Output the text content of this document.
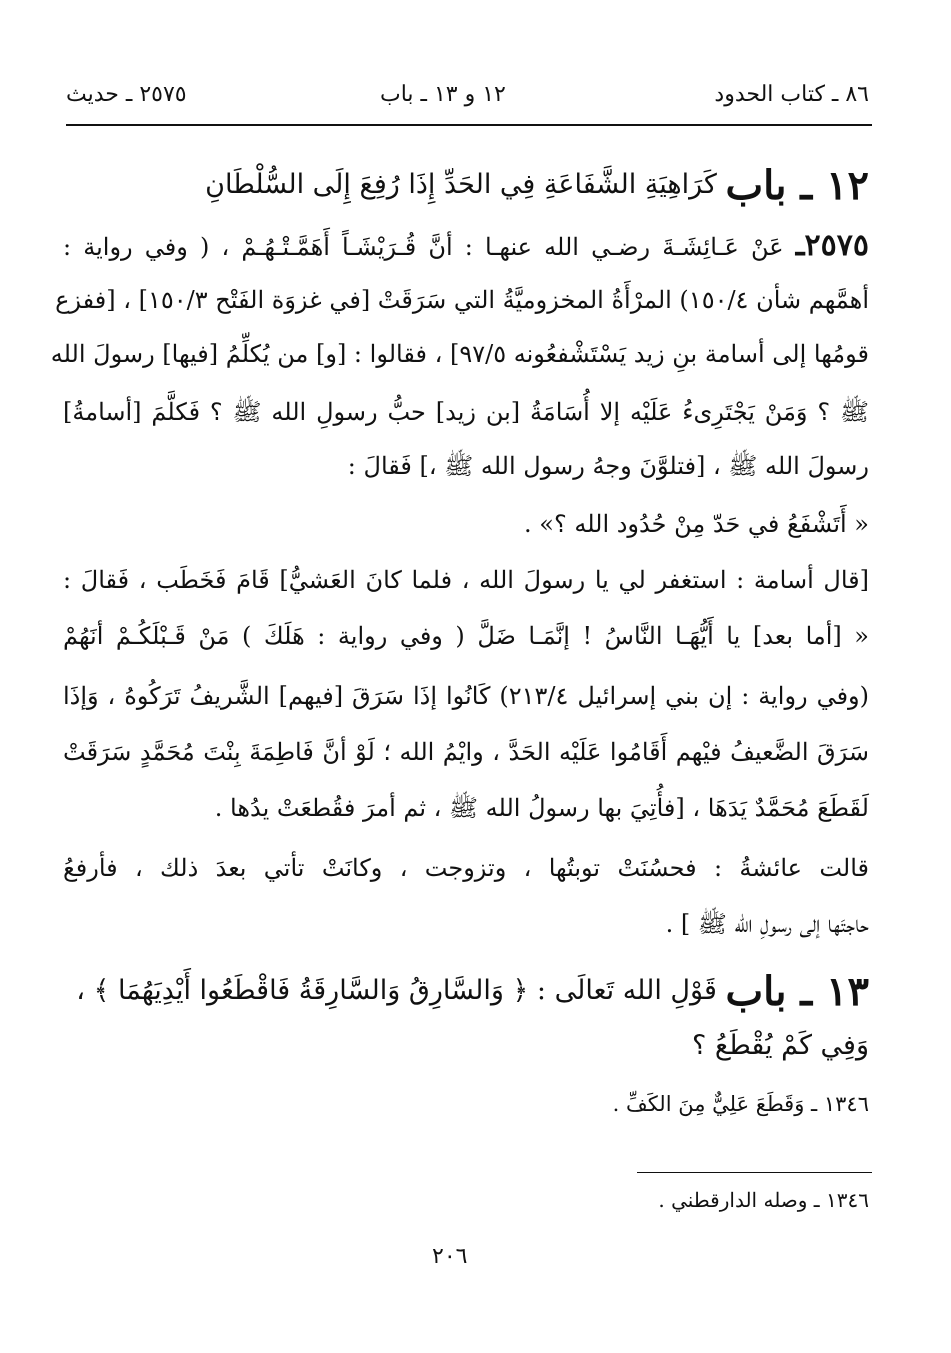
٨٦ ـ كتاب الحدود
١٢ و ١٣ ـ باب
٢٥٧٥ ـ حديث
١٢ ـ باب كَرَاهِيَةِ الشَّفَاعَةِ فِي الحَدِّ إِذَا رُفِعَ إِلَى السُّلْطَانِ
٢٥٧٥ـ عَنْ عَـائِشَـةَ رضـي الله عنهـا : أنَّ قُـرَيْشَـاً أَهَمَّـتْـهُـمْ ، ( وفي رواية :
أهمَّهم شأن ١٥٠/٤) المرْأَةُ المخزوميَّةُ التي سَرَقَتْ [في غزوَة الفَتْح ١٥٠/٣] ، [ففزع
قومُها إلى أسامة بنِ زيد يَسْتَشْفعُونه ٩٧/٥] ، فقالوا : [و] من يُكلِّمُ [فيها] رسولَ الله
ﷺ ؟ وَمَنْ يَجْتَرِىءُ عَلَيْه إلا أُسَامَةُ [بن زيد] حبُّ رسولِ الله ﷺ ؟ فَكلَّمَ [أسامةُ]
رسولَ الله ﷺ ، [فتلوَّنَ وجهُ رسول الله ﷺ ،] فَقالَ :
« أَتَشْفَعُ في حَدّ مِنْ حُدُود الله ؟» .
[قال أسامة : استغفر لي يا رسولَ الله ، فلما كانَ العَشيُّ] قَامَ فَخَطَب ، فَقالَ :
« [أما بعد] يا أَيُّهَـا النَّاسُ ! إنَّمَـا ضَلَّ ( وفي رواية : هَلَكَ ) مَنْ قَـبْلَكُـمْ أنَهُمْ
(وفي رواية : إن بني إسرائيل ٢١٣/٤) كَانُوا إذَا سَرَقَ [فيهم] الشَّريفُ تَرَكُوهُ ، وَإذَا
سَرَقَ الضَّعيفُ فيْهم أَقَامُوا عَلَيْه الحَدَّ ، وايْمُ الله ؛ لَوْ أنَّ فَاطِمَةَ بِنْتَ مُحَمَّدٍ سَرَقَتْ
لَقَطَعَ مُحَمَّدٌ يَدَهَا ، [فأُتِيَ بها رسولُ الله ﷺ ، ثم أمرَ فقُطعَتْ يدُها .
قالت عائشةُ : فحسُنَتْ توبتُها ، وتزوجت ، وكانَتْ تأتي بعدَ ذلك ، فأرفعُ
حاجتَها إلى رسولِ الله ﷺ ] .
١٣ ـ باب قَوْلِ الله تَعالَى : ﴿ وَالسَّارِقُ وَالسَّارِقَةُ فَاقْطَعُوا أَيْدِيَهُمَا ﴾ ،
وَفِي كَمْ يُقْطَعُ ؟
١٣٤٦ ـ وَقَطَعَ عَلِيٌّ مِنَ الكَفِّ .
١٣٤٦ ـ وصله الدارقطني .
٢٠٦
